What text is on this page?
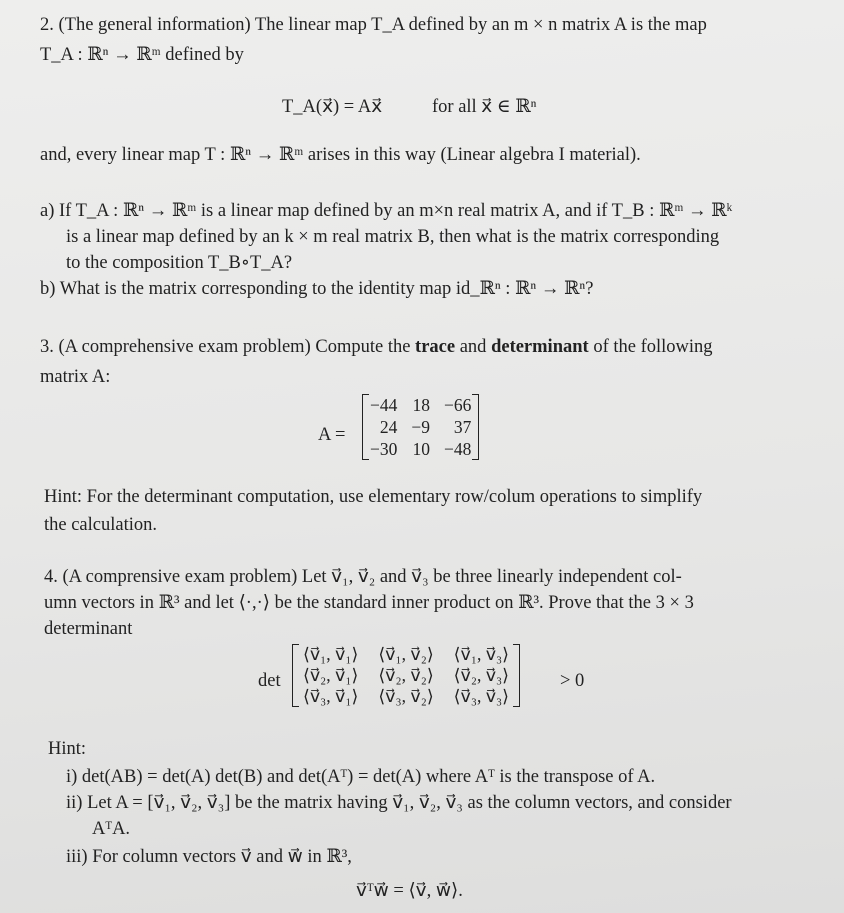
2. (The general information) The linear map T_A defined by an m × n matrix A is the map
T_A : ℝⁿ → ℝᵐ defined by
T_A(x⃗) = Ax⃗	for all x⃗ ∈ ℝⁿ
and, every linear map T : ℝⁿ → ℝᵐ arises in this way (Linear algebra I material).
a) If T_A : ℝⁿ → ℝᵐ is a linear map defined by an m×n real matrix A, and if T_B : ℝᵐ → ℝᵏ
is a linear map defined by an k × m real matrix B, then what is the matrix corresponding
to the composition T_B∘T_A?
b) What is the matrix corresponding to the identity map id_ℝⁿ : ℝⁿ → ℝⁿ?
3. (A comprehensive exam problem) Compute the trace and determinant of the following
matrix A:
A =
−44	18	−66
24	−9	37
−30	10	−48
Hint: For the determinant computation, use elementary row/colum operations to simplify
the calculation.
4. (A comprensive exam problem) Let v⃗₁, v⃗₂ and v⃗₃ be three linearly independent col-
umn vectors in ℝ³ and let ⟨·,·⟩ be the standard inner product on ℝ³. Prove that the 3 × 3
determinant
det
⟨v⃗₁, v⃗₁⟩	⟨v⃗₁, v⃗₂⟩	⟨v⃗₁, v⃗₃⟩
⟨v⃗₂, v⃗₁⟩	⟨v⃗₂, v⃗₂⟩	⟨v⃗₂, v⃗₃⟩
⟨v⃗₃, v⃗₁⟩	⟨v⃗₃, v⃗₂⟩	⟨v⃗₃, v⃗₃⟩
> 0
Hint:
i) det(AB) = det(A) det(B) and det(Aᵀ) = det(A) where Aᵀ is the transpose of A.
ii) Let A = [v⃗₁, v⃗₂, v⃗₃] be the matrix having v⃗₁, v⃗₂, v⃗₃ as the column vectors, and consider
AᵀA.
iii) For column vectors v⃗ and w⃗ in ℝ³,
v⃗ᵀw⃗ = ⟨v⃗, w⃗⟩.
